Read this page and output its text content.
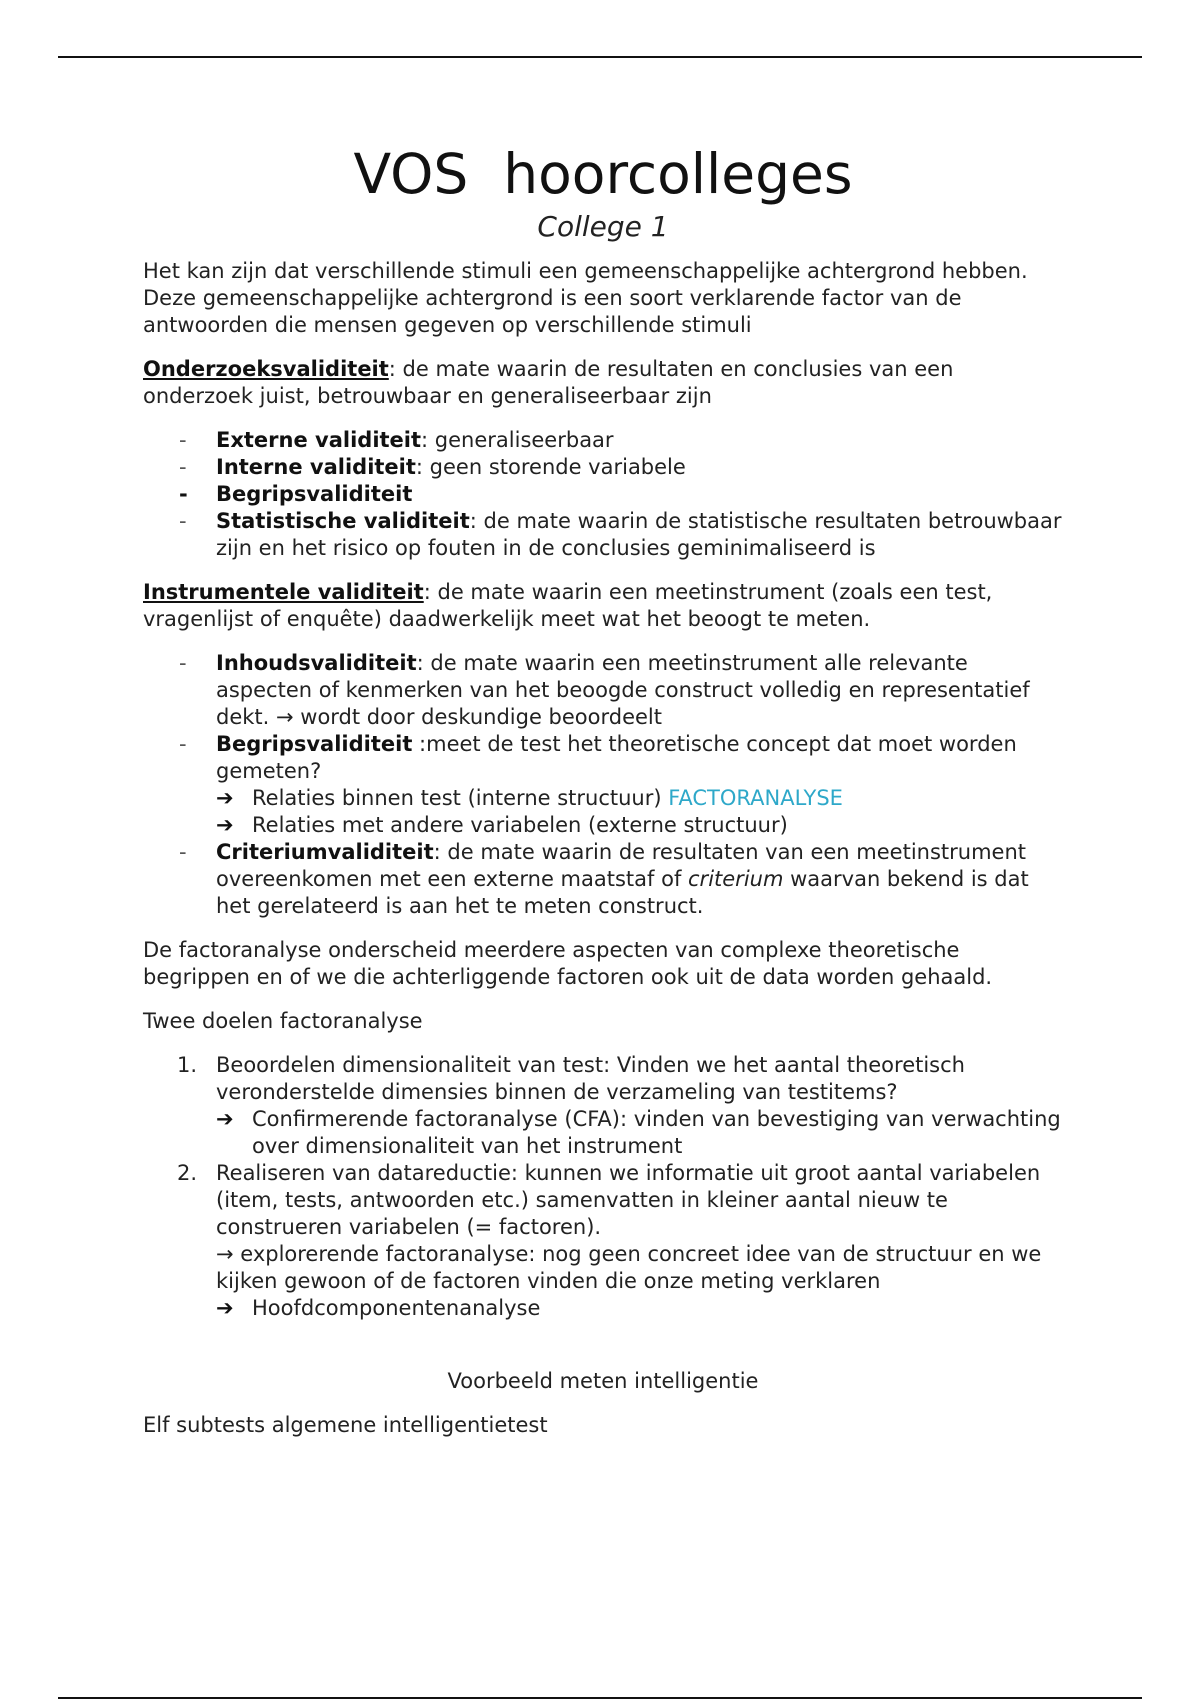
VOS  hoorcolleges
College 1

Het kan zijn dat verschillende stimuli een gemeenschappelijke achtergrond hebben. Deze gemeenschappelijke achtergrond is een soort verklarende factor van de antwoorden die mensen gegeven op verschillende stimuli

Onderzoeksvaliditeit: de mate waarin de resultaten en conclusies van een onderzoek juist, betrouwbaar en generaliseerbaar zijn

-	Externe validiteit: generaliseerbaar
-	Interne validiteit: geen storende variabele
-	Begripsvaliditeit
-	Statistische validiteit: de mate waarin de statistische resultaten betrouwbaar zijn en het risico op fouten in de conclusies geminimaliseerd is

Instrumentele validiteit: de mate waarin een meetinstrument (zoals een test, vragenlijst of enquête) daadwerkelijk meet wat het beoogt te meten.

-	Inhoudsvaliditeit: de mate waarin een meetinstrument alle relevante aspecten of kenmerken van het beoogde construct volledig en representatief dekt. → wordt door deskundige beoordeelt
-	Begripsvaliditeit :meet de test het theoretische concept dat moet worden gemeten?
➔ Relaties binnen test (interne structuur) FACTORANALYSE
➔ Relaties met andere variabelen (externe structuur)
-	Criteriumvaliditeit: de mate waarin de resultaten van een meetinstrument overeenkomen met een externe maatstaf of criterium waarvan bekend is dat het gerelateerd is aan het te meten construct.

De factoranalyse onderscheid meerdere aspecten van complexe theoretische begrippen en of we die achterliggende factoren ook uit de data worden gehaald.

Twee doelen factoranalyse

1. Beoordelen dimensionaliteit van test: Vinden we het aantal theoretisch veronderstelde dimensies binnen de verzameling van testitems?
➔ Confirmerende factoranalyse (CFA): vinden van bevestiging van verwachting over dimensionaliteit van het instrument
2. Realiseren van datareductie: kunnen we informatie uit groot aantal variabelen (item, tests, antwoorden etc.) samenvatten in kleiner aantal nieuw te construeren variabelen (= factoren).
→ explorerende factoranalyse: nog geen concreet idee van de structuur en we kijken gewoon of de factoren vinden die onze meting verklaren
➔ Hoofdcomponentenanalyse

Voorbeeld meten intelligentie

Elf subtests algemene intelligentietest
